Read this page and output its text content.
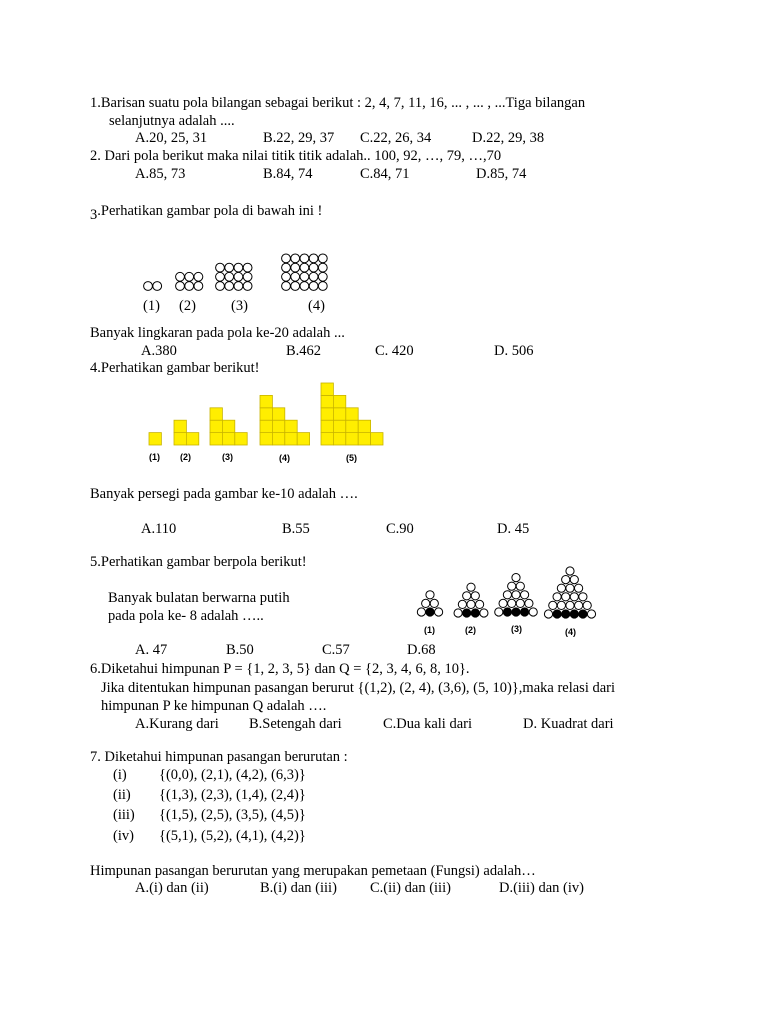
1.Barisan suatu pola bilangan sebagai berikut : 2, 4, 7, 11, 16, ... , ... , ...Tiga bilangan
selanjutnya adalah ....
A.20, 25, 31	B.22, 29, 37 C.22, 26, 34	D.22, 29, 38
2. Dari pola berikut maka nilai titik titik adalah.. 100, 92, …, 79, …,70
A.85, 73	B.84, 74	C.84, 71	D.85, 74
3.Perhatikan gambar pola di bawah ini !
(1) (2) (3)	(4)
Banyak lingkaran pada pola ke-20 adalah ...
A.380	B.462	C. 420	D. 506
4.Perhatikan gambar berikut!
(1) (2)	(3)	(4)	(5)
Banyak persegi pada gambar ke-10 adalah ….
A.110	B.55	C.90	D. 45
5.Perhatikan gambar berpola berikut!
Banyak bulatan berwarna putih
pada pola ke- 8 adalah …..
(1)	(2)	(3)	(4)
A. 47	B.50	C.57	D.68
6.Diketahui himpunan P = {1, 2, 3, 5} dan Q = {2, 3, 4, 6, 8, 10}.
Jika ditentukan himpunan pasangan berurut {(1,2), (2, 4), (3,6), (5, 10)},maka relasi dari
himpunan P ke himpunan Q adalah ….
A.Kurang dari B.Setengah dari	C.Dua kali dari	D. Kuadrat dari
7. Diketahui himpunan pasangan berurutan :
(i) {(0,0), (2,1), (4,2), (6,3)}
(ii) {(1,3), (2,3), (1,4), (2,4)}
(iii) {(1,5), (2,5), (3,5), (4,5)}
(iv) {(5,1), (5,2), (4,1), (4,2)}
Himpunan pasangan berurutan yang merupakan pemetaan (Fungsi) adalah…
A.(i) dan (ii)	B.(i) dan (iii) C.(ii) dan (iii)	D.(iii) dan (iv)
